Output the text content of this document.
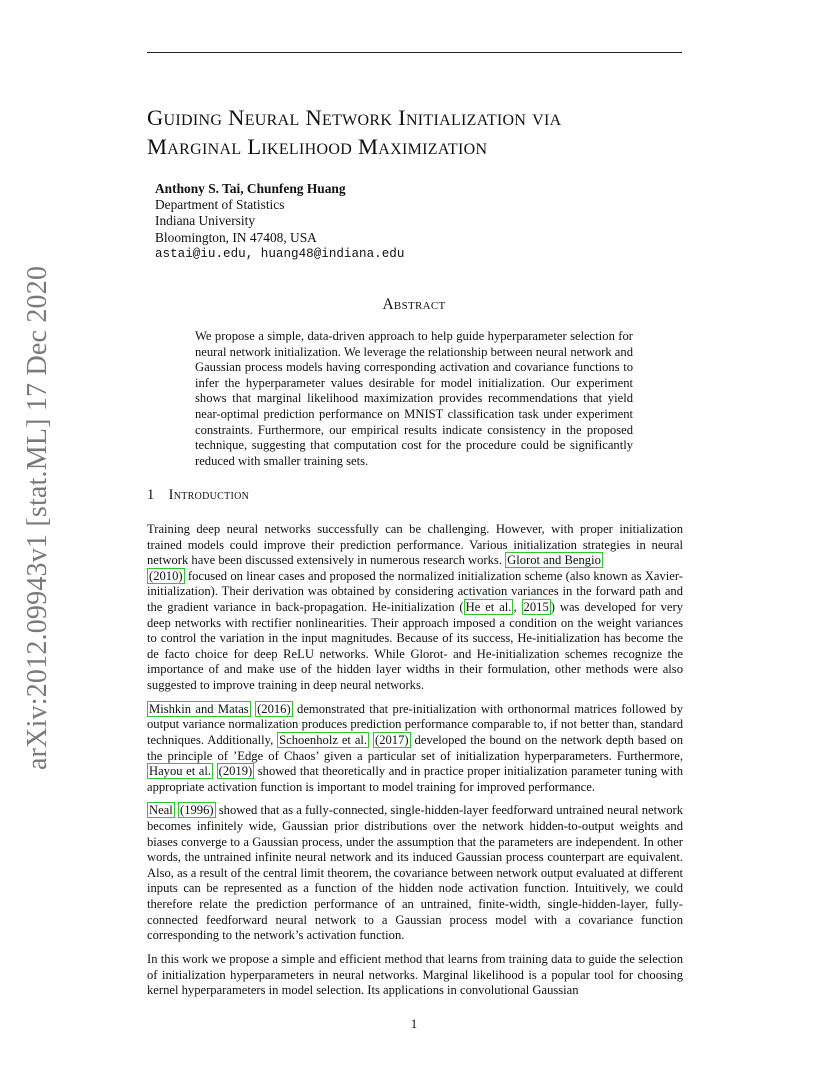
arXiv:2012.09943v1 [stat.ML] 17 Dec 2020
Guiding Neural Network Initialization via
Marginal Likelihood Maximization
Anthony S. Tai, Chunfeng Huang
Department of Statistics
Indiana University
Bloomington, IN 47408, USA
astai@iu.edu, huang48@indiana.edu
Abstract

We propose a simple, data-driven approach to help guide hyperparameter selection for neural network initialization. We leverage the relationship between neural network and Gaussian process models having corresponding activation and covariance functions to infer the hyperparameter values desirable for model initialization. Our experiment shows that marginal likelihood maximization provides recommendations that yield near-optimal prediction performance on MNIST classification task under experiment constraints. Furthermore, our empirical results indicate consistency in the proposed technique, suggesting that computation cost for the procedure could be significantly reduced with smaller training sets.

1 Introduction

Training deep neural networks successfully can be challenging. However, with proper initialization trained models could improve their prediction performance. Various initialization strategies in neural network have been discussed extensively in numerous research works. Glorot and Bengio
(2010) focused on linear cases and proposed the normalized initialization scheme (also known as Xavier-initialization). Their derivation was obtained by considering activation variances in the forward path and the gradient variance in back-propagation. He-initialization ( He et al. , 2015 ) was developed for very deep networks with rectifier nonlinearities. Their approach imposed a condition on the weight variances to control the variation in the input magnitudes. Because of its success, He-initialization has become the de facto choice for deep ReLU networks. While Glorot- and He-initialization schemes recognize the importance of and make use of the hidden layer widths in their formulation, other methods were also suggested to improve training in deep neural networks.

Mishkin and Matas (2016) demonstrated that pre-initialization with orthonormal matrices followed by output variance normalization produces prediction performance comparable to, if not better than, standard techniques. Additionally, Schoenholz et al. (2017) developed the bound on the network depth based on the principle of ’Edge of Chaos’ given a particular set of initialization hyperparameters. Furthermore, Hayou et al. (2019) showed that theoretically and in practice proper initialization parameter tuning with appropriate activation function is important to model training for improved performance.

Neal (1996) showed that as a fully-connected, single-hidden-layer feedforward untrained neural network becomes infinitely wide, Gaussian prior distributions over the network hidden-to-output weights and biases converge to a Gaussian process, under the assumption that the parameters are independent. In other words, the untrained infinite neural network and its induced Gaussian process counterpart are equivalent. Also, as a result of the central limit theorem, the covariance between network output evaluated at different inputs can be represented as a function of the hidden node activation function. Intuitively, we could therefore relate the prediction performance of an untrained, finite-width, single-hidden-layer, fully-connected feedforward neural network to a Gaussian process model with a covariance function corresponding to the network’s activation function.

In this work we propose a simple and efficient method that learns from training data to guide the selection of initialization hyperparameters in neural networks. Marginal likelihood is a popular tool for choosing kernel hyperparameters in model selection. Its applications in convolutional Gaussian

1
